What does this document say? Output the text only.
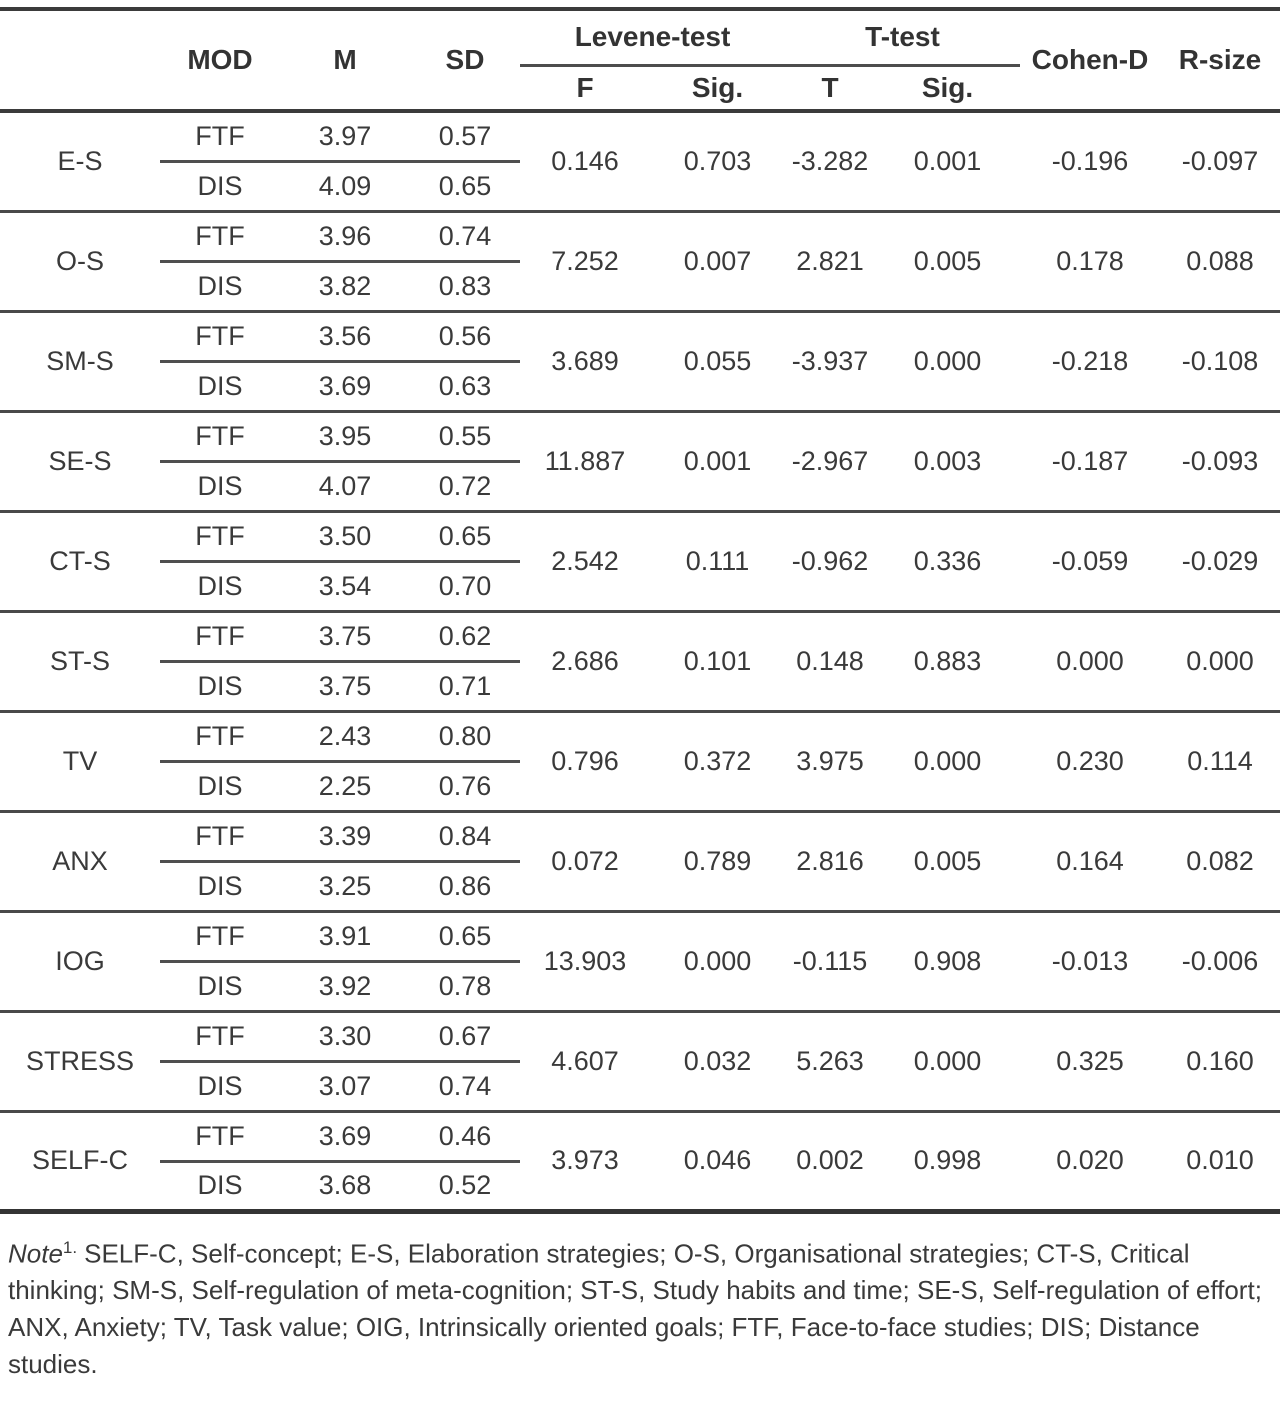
	MOD	M	SD	Levene-test		T-test		Cohen-D	R-size
				F	Sig.	T	Sig.		
E-S	FTF	3.97	0.57	0.146	0.703	-3.282	0.001	-0.196	-0.097
	DIS	4.09	0.65						
O-S	FTF	3.96	0.74	7.252	0.007	2.821	0.005	0.178	0.088
	DIS	3.82	0.83						
SM-S	FTF	3.56	0.56	3.689	0.055	-3.937	0.000	-0.218	-0.108
	DIS	3.69	0.63						
SE-S	FTF	3.95	0.55	11.887	0.001	-2.967	0.003	-0.187	-0.093
	DIS	4.07	0.72						
CT-S	FTF	3.50	0.65	2.542	0.111	-0.962	0.336	-0.059	-0.029
	DIS	3.54	0.70						
ST-S	FTF	3.75	0.62	2.686	0.101	0.148	0.883	0.000	0.000
	DIS	3.75	0.71						
TV	FTF	2.43	0.80	0.796	0.372	3.975	0.000	0.230	0.114
	DIS	2.25	0.76						
ANX	FTF	3.39	0.84	0.072	0.789	2.816	0.005	0.164	0.082
	DIS	3.25	0.86						
IOG	FTF	3.91	0.65	13.903	0.000	-0.115	0.908	-0.013	-0.006
	DIS	3.92	0.78						
STRESS	FTF	3.30	0.67	4.607	0.032	5.263	0.000	0.325	0.160
	DIS	3.07	0.74						
SELF-C	FTF	3.69	0.46	3.973	0.046	0.002	0.998	0.020	0.010
	DIS	3.68	0.52						

Note$^{1.}$ SELF-C, Self-concept; E-S, Elaboration strategies; O-S, Organisational strategies; CT-S, Critical thinking; SM-S, Self-regulation of meta-cognition; ST-S, Study habits and time; SE-S, Self-regulation of effort; ANX, Anxiety; TV, Task value; OIG, Intrinsically oriented goals; FTF, Face-to-face studies; DIS; Distance studies.
